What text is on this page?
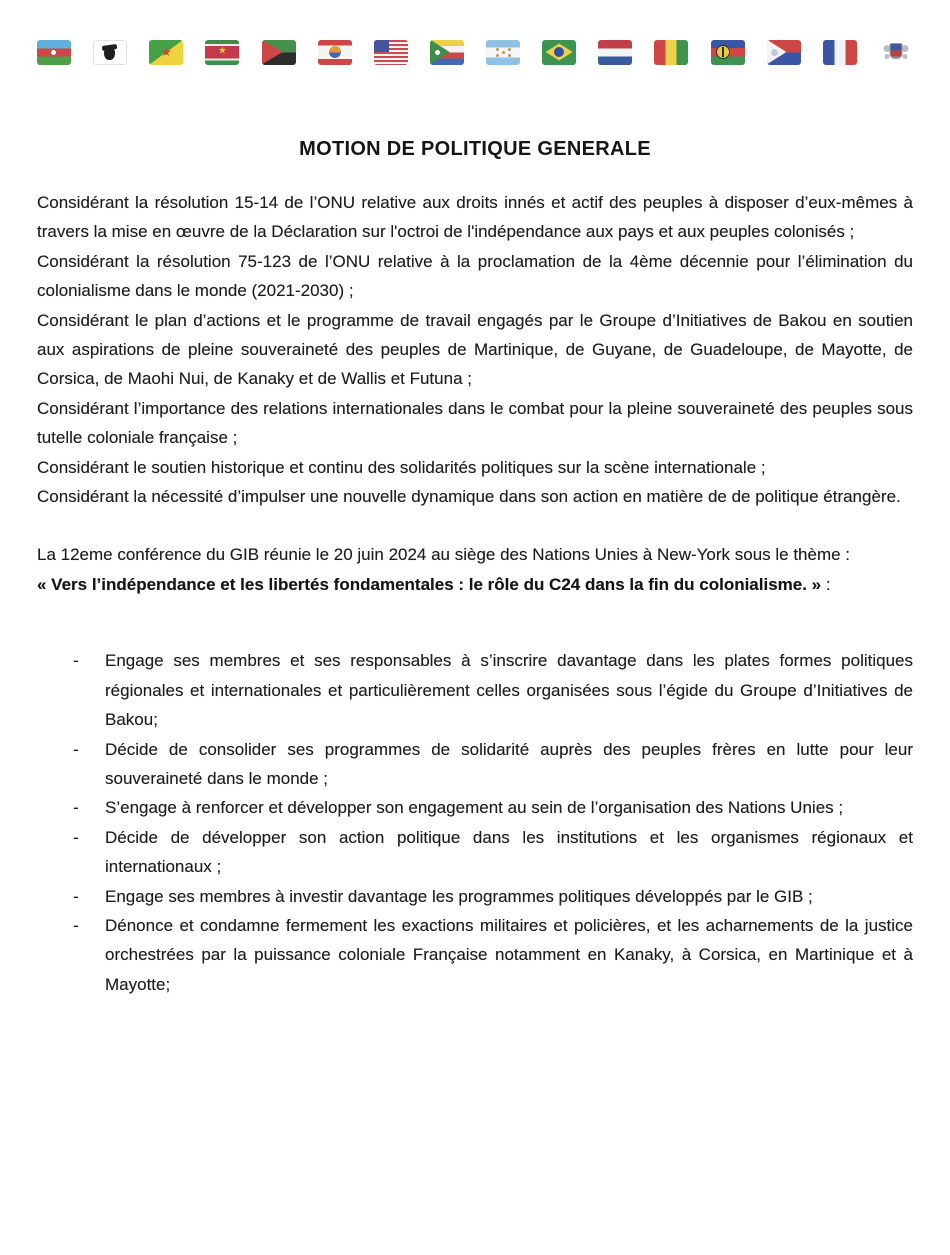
★
★
MOTION DE POLITIQUE GENERALE

Considérant la résolution 15-14 de l’ONU relative aux droits innés et actif des peuples à disposer d’eux-mêmes à travers la mise en œuvre de la Déclaration sur l'octroi de l'indépendance aux pays et aux peuples colonisés ;

Considérant la résolution 75-123 de l’ONU relative à la proclamation de la 4ème décennie pour l’élimination du colonialisme dans le monde (2021-2030) ;

Considérant le plan d’actions et le programme de travail engagés par le Groupe d’Initiatives de Bakou en soutien aux aspirations de pleine souveraineté des peuples de Martinique, de Guyane, de Guadeloupe, de Mayotte, de Corsica, de Maohi Nui, de Kanaky et de Wallis et Futuna ;

Considérant l’importance des relations internationales dans le combat pour la pleine souveraineté des peuples sous tutelle coloniale française ;

Considérant le soutien historique et continu des solidarités politiques sur la scène internationale ;

Considérant la nécessité d’impulser une nouvelle dynamique dans son action en matière de de politique étrangère.

La 12eme conférence du GIB réunie le 20 juin 2024 au siège des Nations Unies à New-York sous le thème :

« Vers l’indépendance et les libertés fondamentales : le rôle du C24 dans la fin du colonialisme. » :

-	Engage ses membres et ses responsables à s’inscrire davantage dans les plates formes politiques régionales et internationales et particulièrement celles organisées sous l’égide du Groupe d’Initiatives de Bakou;
-	Décide de consolider ses programmes de solidarité auprès des peuples frères en lutte pour leur souveraineté dans le monde ;
-	S’engage à renforcer et développer son engagement au sein de l’organisation des Nations Unies ;
-	Décide de développer son action politique dans les institutions et les organismes régionaux et internationaux ;
-	Engage ses membres à investir davantage les programmes politiques développés par le GIB ;
-	Dénonce et condamne fermement les exactions militaires et policières, et les acharnements de la justice orchestrées par la puissance coloniale Française notamment en Kanaky, à Corsica, en Martinique et à Mayotte;
